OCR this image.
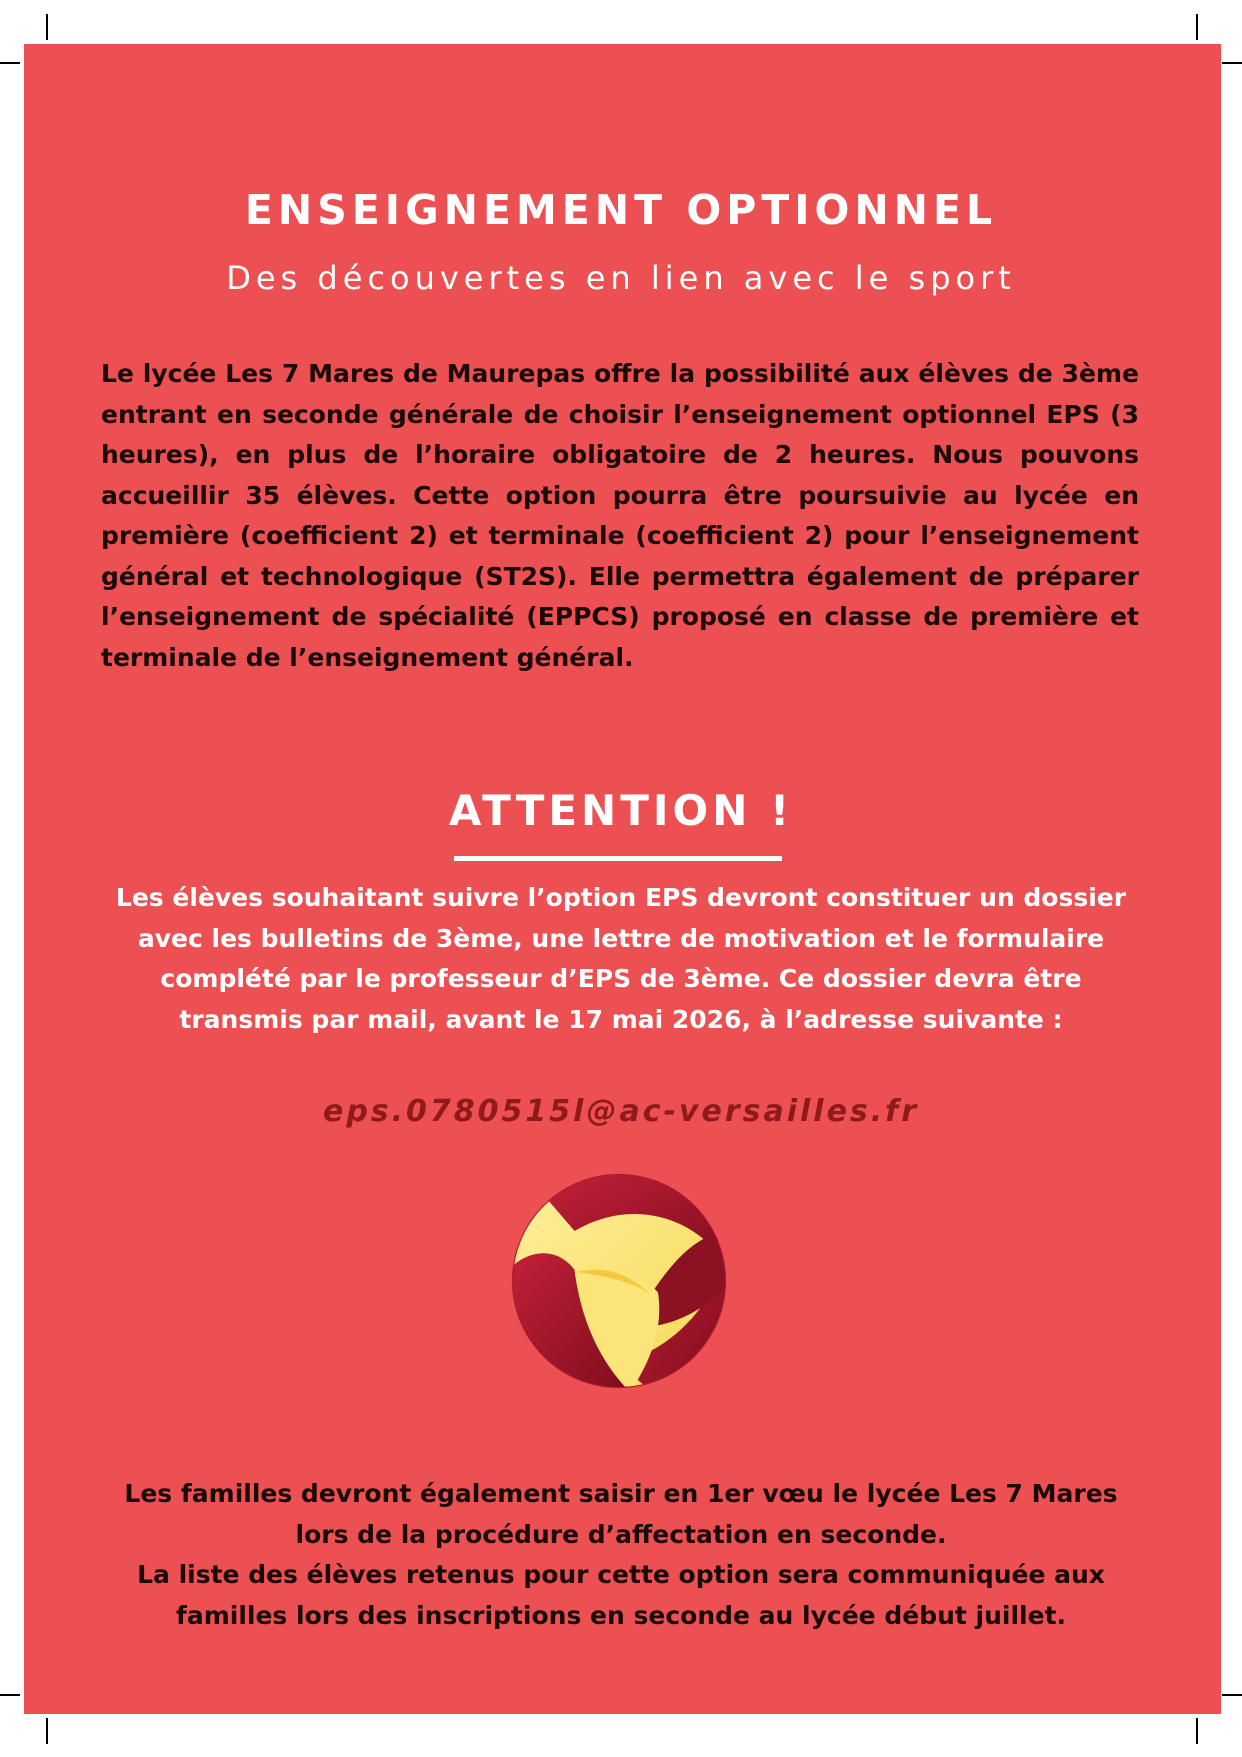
ENSEIGNEMENT OPTIONNEL
Des découvertes en lien avec le sport

Le lycée Les 7 Mares de Maurepas offre la possibilité aux élèves de 3ème entrant en seconde générale de choisir l’enseignement optionnel EPS (3 heures), en plus de l’horaire obligatoire de 2 heures. Nous pouvons accueillir 35 élèves. Cette option pourra être poursuivie au lycée en première (coefficient 2) et terminale (coefficient 2) pour l’enseignement général et technologique (ST2S). Elle permettra également de préparer l’enseignement de spécialité (EPPCS) proposé en classe de première et terminale de l’enseignement général.

ATTENTION !

Les élèves souhaitant suivre l’option EPS devront constituer un dossier
avec les bulletins de 3ème, une lettre de motivation et le formulaire
complété par le professeur d’EPS de 3ème. Ce dossier devra être
transmis par mail, avant le 17 mai 2026, à l’adresse suivante :

eps.0780515l@ac-versailles.fr

Les familles devront également saisir en 1er vœu le lycée Les 7 Mares
lors de la procédure d’affectation en seconde.
La liste des élèves retenus pour cette option sera communiquée aux
familles lors des inscriptions en seconde au lycée début juillet.
